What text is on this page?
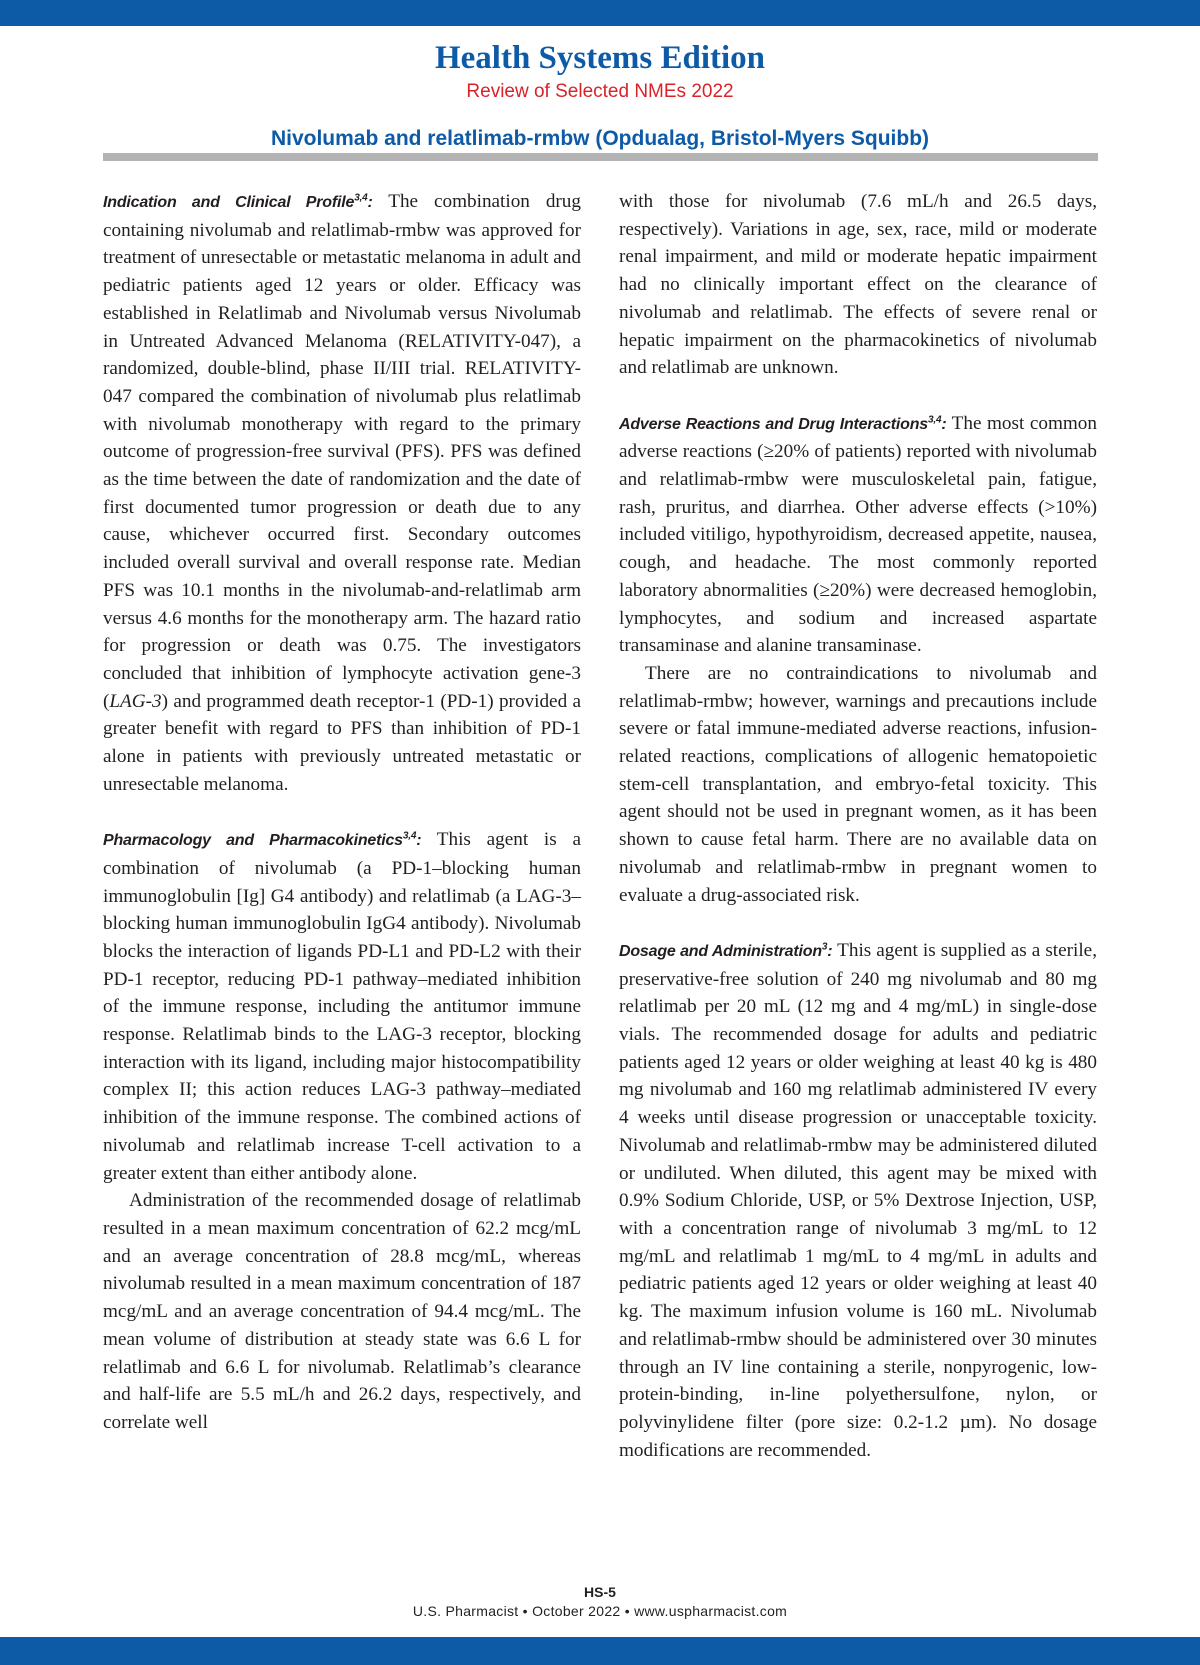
Health Systems Edition
Review of Selected NMEs 2022
Nivolumab and relatlimab-rmbw (Opdualag, Bristol-Myers Squibb)

Indication and Clinical Profile$^{3,4}$: The combination drug containing nivolumab and relatlimab-rmbw was approved for treatment of unresectable or metastatic melanoma in adult and pediatric patients aged 12 years or older. Efficacy was established in Relatlimab and Nivolumab versus Nivolumab in Untreated Advanced Melanoma (RELATIVITY-047), a randomized, double-blind, phase II/III trial. RELATIVITY-047 compared the combination of nivolumab plus relatlimab with nivolumab monotherapy with regard to the primary outcome of progression-free survival (PFS). PFS was defined as the time between the date of randomization and the date of first documented tumor progression or death due to any cause, whichever occurred first. Secondary outcomes included overall survival and overall response rate. Median PFS was 10.1 months in the nivolumab-and-relatlimab arm versus 4.6 months for the monotherapy arm. The hazard ratio for progression or death was 0.75. The investigators concluded that inhibition of lymphocyte activation gene-3 (LAG-3) and programmed death receptor-1 (PD-1) provided a greater benefit with regard to PFS than inhibition of PD-1 alone in patients with previously untreated metastatic or unresectable melanoma.

Pharmacology and Pharmacokinetics$^{3,4}$: This agent is a combination of nivolumab (a PD-1–blocking human immunoglobulin [Ig] G4 antibody) and relatlimab (a LAG-3–blocking human immunoglobulin IgG4 antibody). Nivolumab blocks the interaction of ligands PD-L1 and PD-L2 with their PD-1 receptor, reducing PD-1 pathway–mediated inhibition of the immune response, including the antitumor immune response. Relatlimab binds to the LAG-3 receptor, blocking interaction with its ligand, including major histocompatibility complex II; this action reduces LAG-3 pathway–mediated inhibition of the immune response. The combined actions of nivolumab and relatlimab increase T-cell activation to a greater extent than either antibody alone.

Administration of the recommended dosage of relatlimab resulted in a mean maximum concentration of 62.2 mcg/mL and an average concentration of 28.8 mcg/mL, whereas nivolumab resulted in a mean maximum concentration of 187 mcg/mL and an average concentration of 94.4 mcg/mL. The mean volume of distribution at steady state was 6.6 L for relatlimab and 6.6 L for nivolumab. Relatlimab’s clearance and half-life are 5.5 mL/h and 26.2 days, respectively, and correlate well

with those for nivolumab (7.6 mL/h and 26.5 days, respectively). Variations in age, sex, race, mild or moderate renal impairment, and mild or moderate hepatic impairment had no clinically important effect on the clearance of nivolumab and relatlimab. The effects of severe renal or hepatic impairment on the pharmacokinetics of nivolumab and relatlimab are unknown.

Adverse Reactions and Drug Interactions$^{3,4}$: The most common adverse reactions (≥20% of patients) reported with nivolumab and relatlimab-rmbw were musculoskeletal pain, fatigue, rash, pruritus, and diarrhea. Other adverse effects (>10%) included vitiligo, hypothyroidism, decreased appetite, nausea, cough, and headache. The most commonly reported laboratory abnormalities (≥20%) were decreased hemoglobin, lymphocytes, and sodium and increased aspartate transaminase and alanine transaminase.

There are no contraindications to nivolumab and relatlimab-rmbw; however, warnings and precautions include severe or fatal immune-mediated adverse reactions, infusion-related reactions, complications of allogenic hematopoietic stem-cell transplantation, and embryo-fetal toxicity. This agent should not be used in pregnant women, as it has been shown to cause fetal harm. There are no available data on nivolumab and relatlimab-rmbw in pregnant women to evaluate a drug-associated risk.

Dosage and Administration$^3$: This agent is supplied as a sterile, preservative-free solution of 240 mg nivolumab and 80 mg relatlimab per 20 mL (12 mg and 4 mg/mL) in single-dose vials. The recommended dosage for adults and pediatric patients aged 12 years or older weighing at least 40 kg is 480 mg nivolumab and 160 mg relatlimab administered IV every 4 weeks until disease progression or unacceptable toxicity. Nivolumab and relatlimab-rmbw may be administered diluted or undiluted. When diluted, this agent may be mixed with 0.9% Sodium Chloride, USP, or 5% Dextrose Injection, USP, with a concentration range of nivolumab 3 mg/mL to 12 mg/mL and relatlimab 1 mg/mL to 4 mg/mL in adults and pediatric patients aged 12 years or older weighing at least 40 kg. The maximum infusion volume is 160 mL. Nivolumab and relatlimab-rmbw should be administered over 30 minutes through an IV line containing a sterile, nonpyrogenic, low-protein-binding, in-line polyethersulfone, nylon, or polyvinylidene filter (pore size: 0.2-1.2 µm). No dosage modifications are recommended.

HS-5
U.S. Pharmacist • October 2022 • www.uspharmacist.com
